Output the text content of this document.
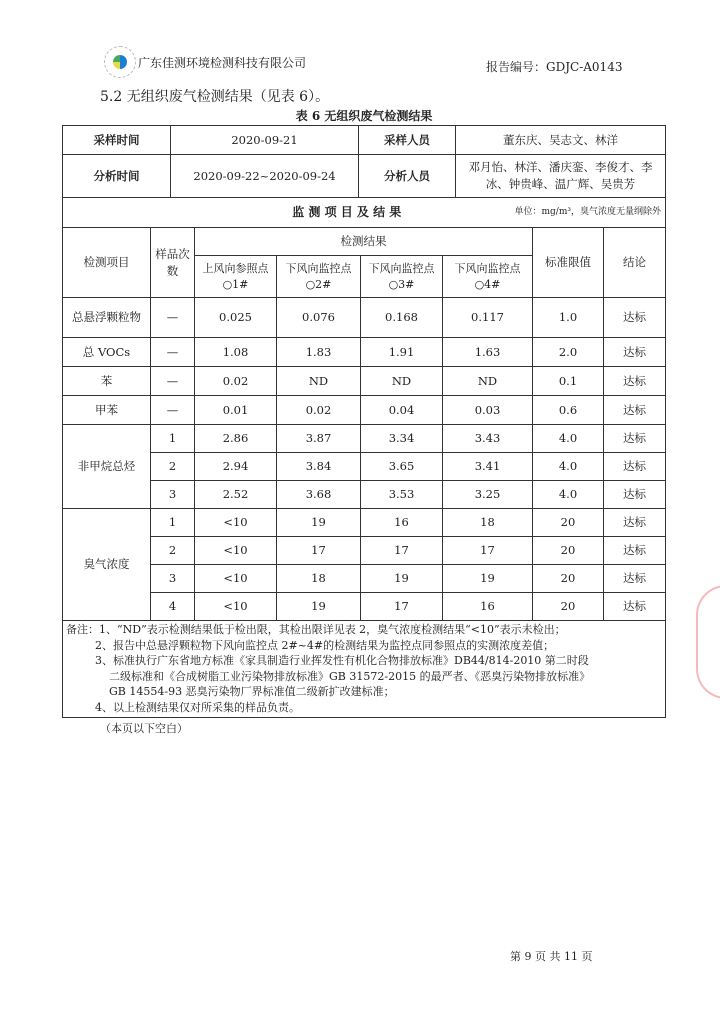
广东佳测环境检测科技有限公司	报告编号：GDJC-A0143
5.2 无组织废气检测结果（见表 6）。
表 6 无组织废气检测结果
采样时间	2020-09-21	采样人员	董东庆、吴志文、林洋
分析时间	2020-09-22~2020-09-24	分析人员	邓月怡、林洋、潘庆銮、李俊才、李冰、钟贵峰、温广辉、吴贵芳

监 测 项 目 及 结 果 单位：mg/m³，臭气浓度无量纲除外			
检测项目	样品次数	检测结果				标准限值	结论
		上风向参照点○1#	下风向监控点○2#	下风向监控点○3#	下风向监控点○4#		
总悬浮颗粒物	—	0.025	0.076	0.168	0.117	1.0	达标
总 VOCs	—	1.08	1.83	1.91	1.63	2.0	达标
苯	—	0.02	ND	ND	ND	0.1	达标
甲苯	—	0.01	0.02	0.04	0.03	0.6	达标
非甲烷总烃	1	2.86	3.87	3.34	3.43	4.0	达标
	2	2.94	3.84	3.65	3.41	4.0	达标
	3	2.52	3.68	3.53	3.25	4.0	达标
臭气浓度	1	<10	19	16	18	20	达标
	2	<10	17	17	17	20	达标
	3	<10	18	19	19	20	达标
	4	<10	19	17	16	20	达标
备注：1、“ND”表示检测结果低于检出限，其检出限详见表 2，臭气浓度检测结果“<10”表示未检出；
2、报告中总悬浮颗粒物下风向监控点 2#~4#的检测结果为监控点同参照点的实测浓度差值；
3、标准执行广东省地方标准《家具制造行业挥发性有机化合物排放标准》DB44/814-2010 第二时段
二级标准和《合成树脂工业污染物排放标准》GB 31572-2015 的最严者、《恶臭污染物排放标准》
GB 14554-93 恶臭污染物厂界标准值二级新扩改建标准；
4、以上检测结果仅对所采集的样品负责。
（本页以下空白）
第 9 页 共 11 页
